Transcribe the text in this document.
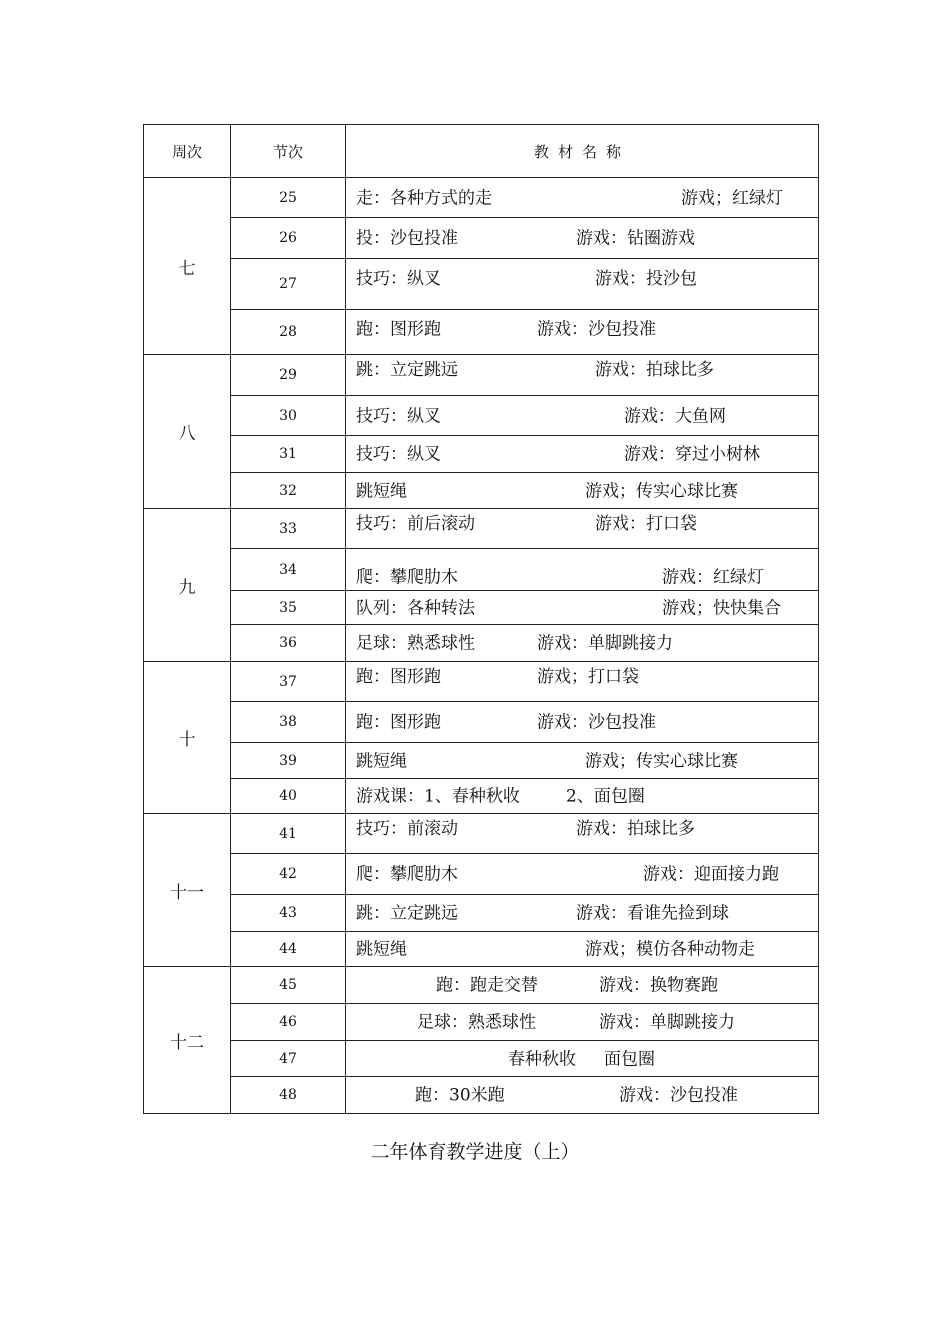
周次	节次	教材名称
七	25	走：各种方式的走 游戏；红绿灯

	26	投：沙包投准 游戏：钻圈游戏

	27	技巧：纵叉 游戏：投沙包

	28	跑：图形跑 游戏：沙包投准

八	29	跳：立定跳远 游戏：拍球比多

	30	技巧：纵叉 游戏：大鱼网

	31	技巧：纵叉 游戏：穿过小树林

	32	跳短绳 游戏；传实心球比赛

九	33	技巧：前后滚动 游戏：打口袋

	34	爬：攀爬肋木 游戏：红绿灯

	35	队列：各种转法 游戏；快快集合

	36	足球：熟悉球性 游戏：单脚跳接力

十	37	跑：图形跑 游戏；打口袋

	38	跑：图形跑 游戏：沙包投准

	39	跳短绳 游戏；传实心球比赛

	40	游戏课：1、春种秋收 2、面包圈

十一	41	技巧：前滚动 游戏：拍球比多

	42	爬：攀爬肋木 游戏：迎面接力跑

	43	跳：立定跳远 游戏：看谁先捡到球

	44	跳短绳 游戏；模仿各种动物走

十二	45	跑：跑走交替 游戏：换物赛跑

	46	足球：熟悉球性 游戏：单脚跳接力

	47	春种秋收 面包圈

	48	跑：30米跑 游戏：沙包投准
二年体育教学进度（上）
